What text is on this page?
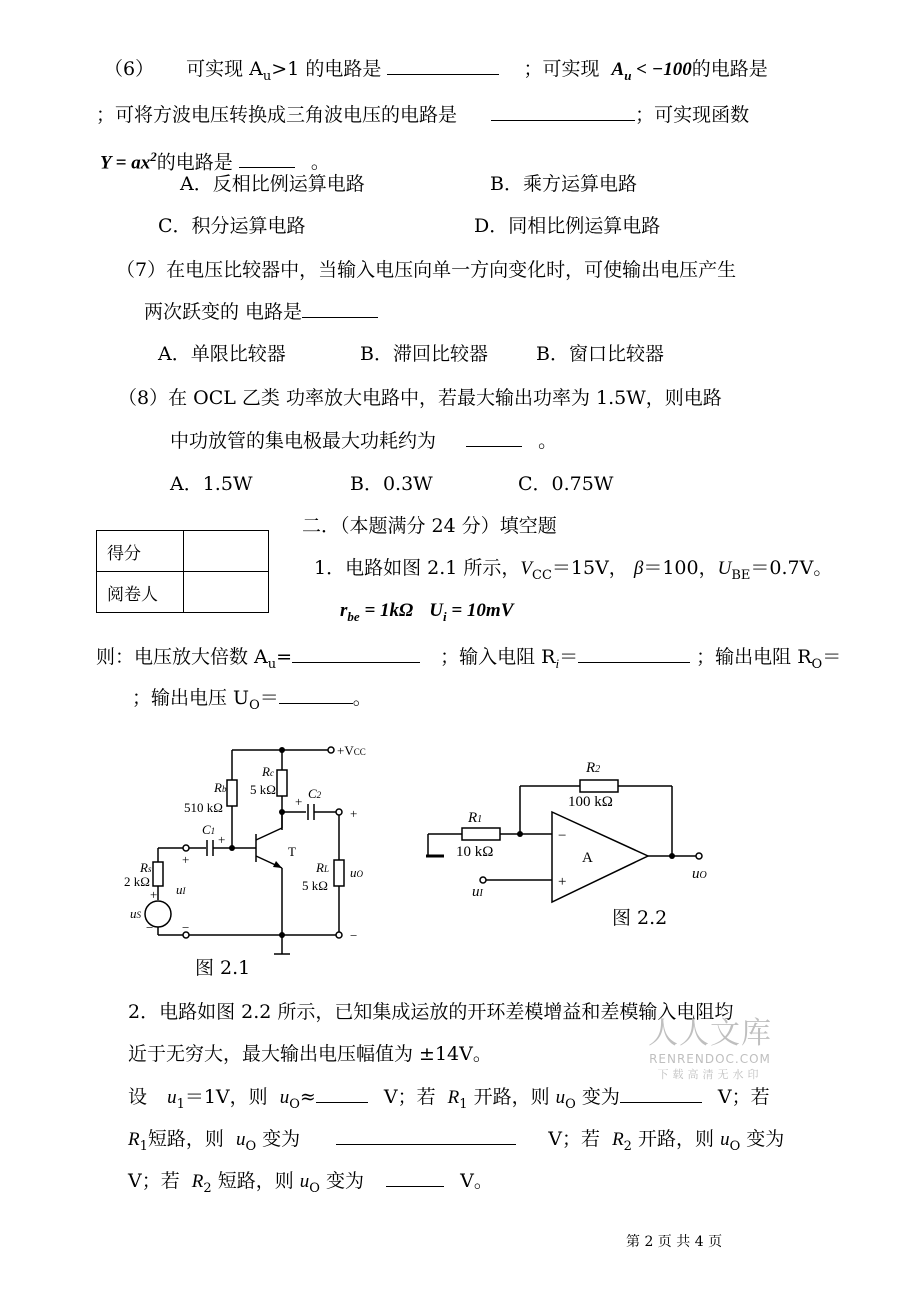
（6） 可实现 $A_u>1$ 的电路是	；可实现 $A_u < -100$的电路是
；可将方波电压转换成三角波电压的电路是	；可实现函数
$Y = ax^2$的电路是	。
A．反相比例运算电路	B．乘方运算电路
C．积分运算电路	D．同相比例运算电路
（7）在电压比较器中，当输入电压向单一方向变化时，可使输出电压产生
两次跃变的 电路是
A．单限比较器	B．滞回比较器	B．窗口比较器
（8）在 OCL 乙类 功率放大电路中，若最大输出功率为 1.5W，则电路
中功放管的集电极最大功耗约为	。
A．1.5W	B．0.3W	C．0.75W
得分	
阅卷人	
二．（本题满分 24 分）填空题
1．电路如图 2.1 所示，$V_{CC}=15V$， β＝100，$U_{BE}=0.7V$。
$r_{be} = 1k\Omega$ $U_i = 10mV$
则：电压放大倍数 $A_u=$	；输入电阻 $R_i=$	；输出电阻 $R_O=$
；输出电压 $U_O=$	。
+VCC
Rb
510 kΩ
Rc
5 kΩ C2
+
+
C1
+
+
T
Rs
2 kΩ
+ uI
uS
− −
RL
5 kΩ
uO
−
图 2.1
R2
100 kΩ
R1
10 kΩ
−
+
A
uO
uI
图 2.2
2．电路如图 2.2 所示，已知集成运放的开环差模增益和差模输入电阻均
近于无穷大，最大输出电压幅值为 ±14V。
设 $u_1=1V$，则 $u_O\approx$	V；若 $R_1$ 开路，则 $u_O$ 变为	V；若
$R_1$短路，则 $u_O$ 变为	V；若 $R_2$ 开路，则 $u_O$ 变为
V；若 $R_2$ 短路，则 $u_O$ 变为	V。
人人文库
RENRENDOC.COM
下载高清无水印
第 2 页 共 4 页
